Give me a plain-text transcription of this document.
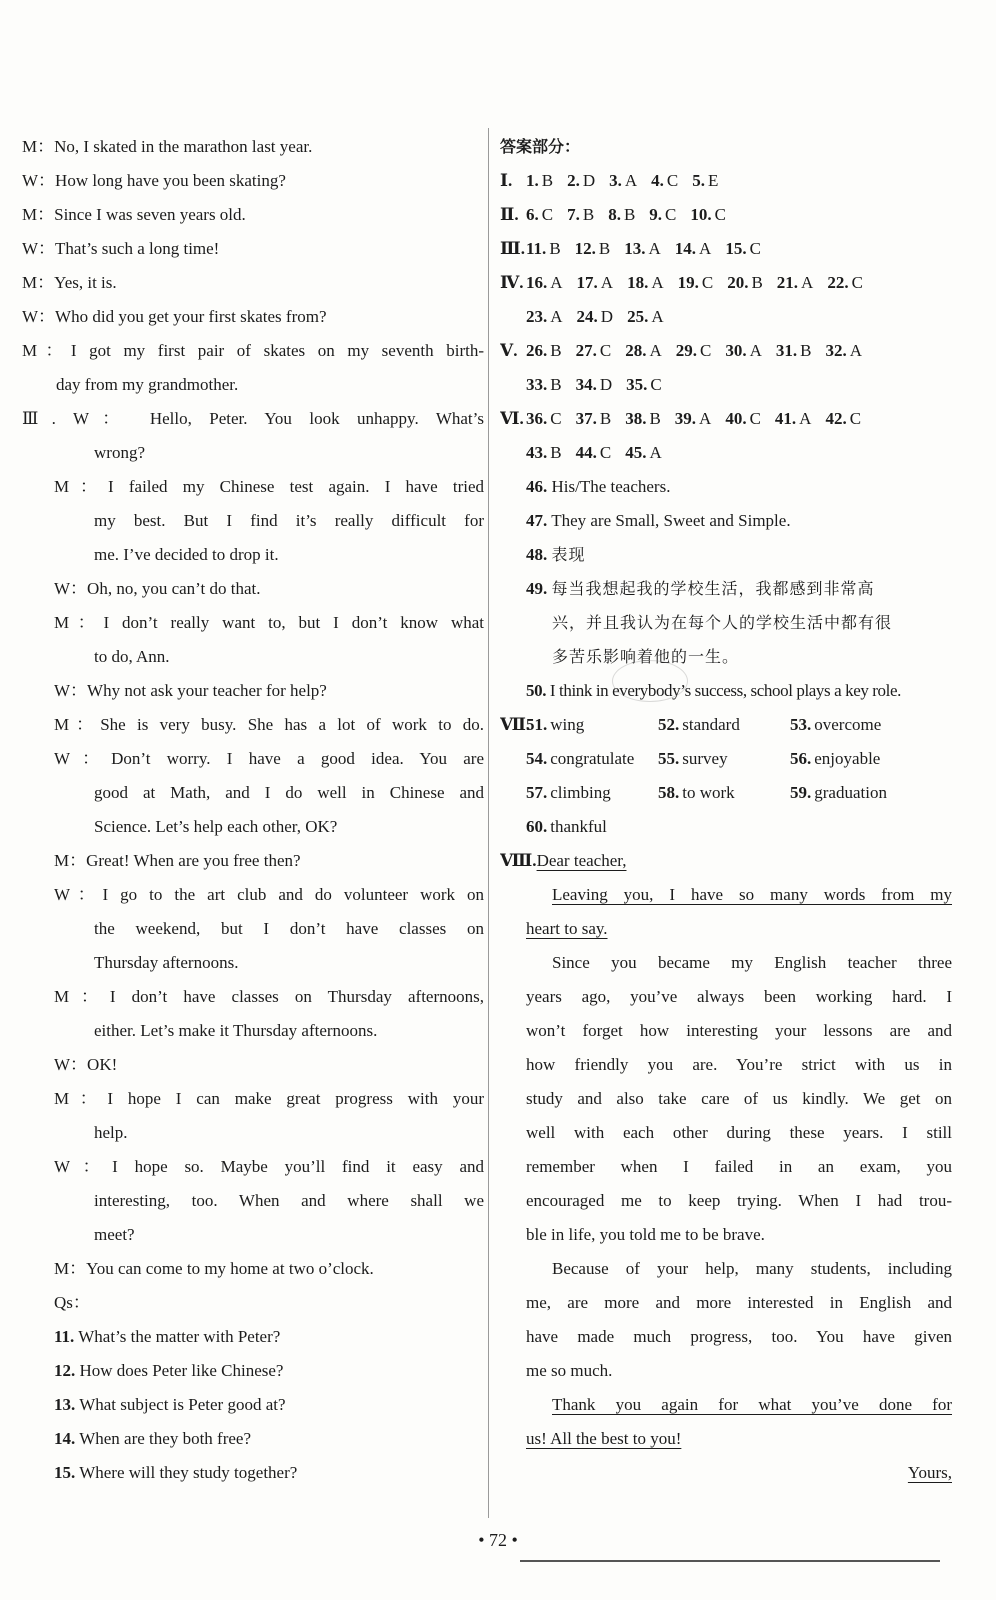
M：No, I skated in the marathon last year.
W：How long have you been skating?
M：Since I was seven years old.
W：That’s such a long time!
M：Yes, it is.
W：Who did you get your first skates from?
M：I got my first pair of skates on my seventh birth-
day from my grandmother.
Ⅲ. W： Hello, Peter. You look unhappy. What’s
wrong?
M：I failed my Chinese test again. I have tried
my best. But I find it’s really difficult for
me. I’ve decided to drop it.
W：Oh, no, you can’t do that.
M：I don’t really want to, but I don’t know what
to do, Ann.
W：Why not ask your teacher for help?
M：She is very busy. She has a lot of work to do.
W：Don’t worry. I have a good idea. You are
good at Math, and I do well in Chinese and
Science. Let’s help each other, OK?
M：Great! When are you free then?
W：I go to the art club and do volunteer work on
the weekend, but I don’t have classes on
Thursday afternoons.
M：I don’t have classes on Thursday afternoons,
either. Let’s make it Thursday afternoons.
W：OK!
M：I hope I can make great progress with your
help.
W：I hope so. Maybe you’ll find it easy and
interesting, too. When and where shall we
meet?
M：You can come to my home at two o’clock.
Qs：
11. What’s the matter with Peter?
12. How does Peter like Chinese?
13. What subject is Peter good at?
14. When are they both free?
15. Where will they study together?
答案部分：
Ⅰ. 1. B 2. D 3. A 4. C 5. E
Ⅱ. 6. C 7. B 8. B 9. C 10. C
Ⅲ.11. B 12. B 13. A 14. A 15. C
Ⅳ. 16. A 17. A 18. A 19. C 20. B 21. A 22. C
23. A 24. D 25. A
Ⅴ. 26. B 27. C 28. A 29. C 30. A 31. B 32. A
33. B 34. D 35. C
Ⅵ. 36. C 37. B 38. B 39. A 40. C 41. A 42. C
43. B 44. C 45. A
46. His/The teachers.
47. They are Small, Sweet and Simple.
48. 表现
49. 每当我想起我的学校生活，我都感到非常高
兴，并且我认为在每个人的学校生活中都有很
多苦乐影响着他的一生。
50. I think in everybody’s success, school plays a key role.
Ⅶ.51. wing	52. standard	53. overcome
54. congratulate 55. survey	56. enjoyable
57. climbing	58. to work	59. graduation
60. thankful
Ⅷ.Dear teacher,
Leaving you, I have so many words from my
heart to say.
Since you became my English teacher three
years ago, you’ve always been working hard. I
won’t forget how interesting your lessons are and
how friendly you are. You’re strict with us in
study and also take care of us kindly. We get on
well with each other during these years. I still
remember when I failed in an exam, you
encouraged me to keep trying. When I had trou-
ble in life, you told me to be brave.
Because of your help, many students, including
me, are more and more interested in English and
have made much progress, too. You have given
me so much.
Thank you again for what you’ve done for
us! All the best to you!
Yours,
• 72 •
